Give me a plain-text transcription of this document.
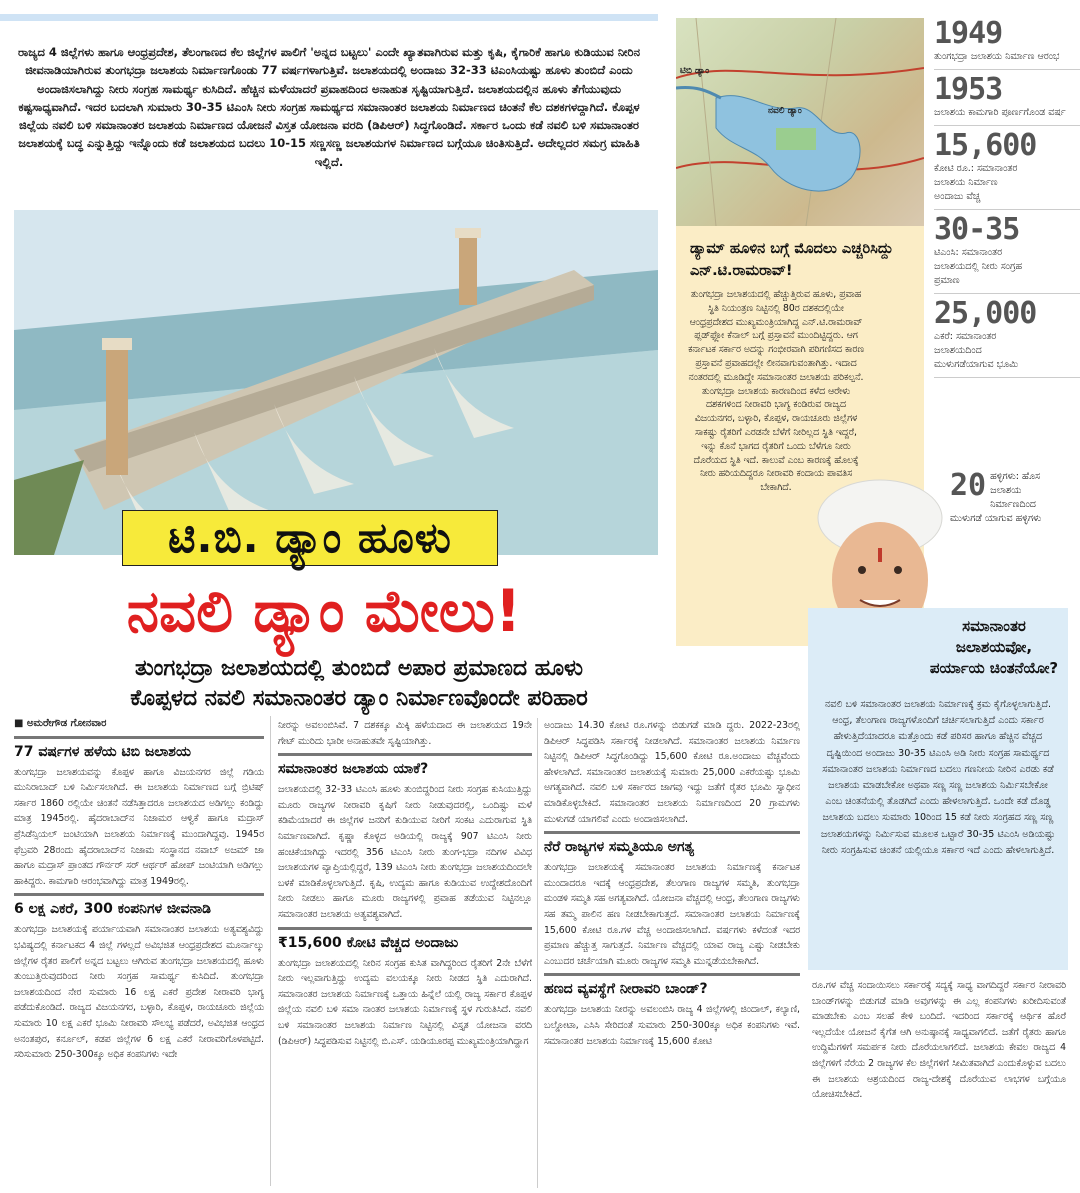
ರಾಜ್ಯದ 4 ಜಿಲ್ಲೆಗಳು ಹಾಗೂ ಆಂಧ್ರಪ್ರದೇಶ, ತೆಲಂಗಾಣದ ಕೆಲ ಜಿಲ್ಲೆಗಳ ಪಾಲಿಗೆ 'ಅನ್ನದ ಬಟ್ಟಲು' ಎಂದೇ ಖ್ಯಾತವಾಗಿರುವ ಮತ್ತು ಕೃಷಿ, ಕೈಗಾರಿಕೆ ಹಾಗೂ ಕುಡಿಯುವ ನೀರಿನ ಜೀವನಾಡಿಯಾಗಿರುವ ತುಂಗಭದ್ರಾ ಜಲಾಶಯ ನಿರ್ಮಾಣಗೊಂಡು 77 ವರ್ಷಗಳಾಗುತ್ತಿವೆ. ಜಲಾಶಯದಲ್ಲಿ ಅಂದಾಜು 32-33 ಟಿಎಂಸಿಯಷ್ಟು ಹೂಳು ತುಂಬಿದೆ ಎಂದು ಅಂದಾಜಿಸಲಾಗಿದ್ದು ನೀರು ಸಂಗ್ರಹ ಸಾಮರ್ಥ್ಯ ಕುಸಿದಿದೆ. ಹೆಚ್ಚಿನ ಮಳೆಯಾದರೆ ಪ್ರವಾಹದಿಂದ ಅನಾಹುತ ಸೃಷ್ಟಿಯಾಗುತ್ತಿದೆ. ಜಲಾಶಯದಲ್ಲಿನ ಹೂಳು ತೆಗೆಯುವುದು ಕಷ್ಟಸಾಧ್ಯವಾಗಿದೆ. ಇದರ ಬದಲಾಗಿ ಸುಮಾರು 30-35 ಟಿಎಂಸಿ ನೀರು ಸಂಗ್ರಹ ಸಾಮರ್ಥ್ಯದ ಸಮಾನಾಂತರ ಜಲಾಶಯ ನಿರ್ಮಾಣದ ಚಿಂತನೆ ಕೆಲ ದಶಕಗಳದ್ದಾಗಿದೆ. ಕೊಪ್ಪಳ ಜಿಲ್ಲೆಯ ನವಲಿ ಬಳಿ ಸಮಾನಾಂತರ ಜಲಾಶಯ ನಿರ್ಮಾಣದ ಯೋಜನೆ ವಿಸ್ತತ ಯೋಜನಾ ವರದಿ (ಡಿಪಿಆರ್) ಸಿದ್ಧಗೊಂಡಿದೆ. ಸರ್ಕಾರ ಒಂದು ಕಡೆ ನವಲಿ ಬಳಿ ಸಮಾನಾಂತರ ಜಲಾಶಯಕ್ಕೆ ಬದ್ಧ ಎನ್ನುತ್ತಿದ್ದು ಇನ್ನೊಂದು ಕಡೆ ಜಲಾಶಯದ ಬದಲು 10-15 ಸಣ್ಣಸಣ್ಣ ಜಲಾಶಯಗಳ ನಿರ್ಮಾಣದ ಬಗ್ಗೆಯೂ ಚಿಂತಿಸುತ್ತಿದೆ. ಅದೇಲ್ಲದರ ಸಮಗ್ರ ಮಾಹಿತಿ ಇಲ್ಲಿದೆ.

ಟಿ.ಬಿ. ಡ್ಯಾಂ ಹೂಳು
ನವಲಿ ಡ್ಯಾಂ ಮೇಲು!
ತುಂಗಭದ್ರಾ ಜಲಾಶಯದಲ್ಲಿ ತುಂಬಿದೆ ಅಪಾರ ಪ್ರಮಾಣದ ಹೂಳು
ಕೊಪ್ಪಳದ ನವಲಿ ಸಮಾನಾಂತರ ಡ್ಯಾಂ ನಿರ್ಮಾಣವೊಂದೇ ಪರಿಹಾರ
ಟಿಬಿ ಡ್ಯಾಂ
ನವಲಿ ಡ್ಯಾಂ
ಡ್ಯಾಮ್ ಹೂಳಿನ ಬಗ್ಗೆ ಮೊದಲು ಎಚ್ಚರಿಸಿದ್ದು ಎನ್.ಟಿ.ರಾಮರಾವ್!

ತುಂಗಭದ್ರಾ ಜಲಾಶಯದಲ್ಲಿ ಹೆಚ್ಚುತ್ತಿರುವ ಹೂಳು, ಪ್ರವಾಹ ಸ್ಥಿತಿ ನಿಯಂತ್ರಣ ನಿಟ್ಟಿನಲ್ಲಿ 80ರ ದಶಕದಲ್ಲಿಯೇ ಆಂಧ್ರಪ್ರದೇಶದ ಮುಖ್ಯಮಂತ್ರಿಯಾಗಿದ್ದ ಎನ್.ಟಿ.ರಾಮರಾವ್ ಪ್ಲಡ್‌ಫ್ಲೋ ಕೆನಾಲ್ ಬಗ್ಗೆ ಪ್ರಸ್ತಾವನೆ ಮುಂದಿಟ್ಟಿದ್ದರು. ಆಗ ಕರ್ನಾಟಕ ಸರ್ಕಾರ ಅದನ್ನು ಗಂಭೀರವಾಗಿ ಪರಿಗಣಿಸದ ಕಾರಣ ಪ್ರಸ್ತಾವನೆ ಪ್ರವಾಹದಲ್ಲೇ ಲೀನವಾಗುವಂತಾಗಿತ್ತು. ಇದಾದ ನಂತರದಲ್ಲಿ ಮೂಡಿದ್ದೇ ಸಮಾನಾಂತರ ಜಲಾಶಯ ಪರಿಕಲ್ಪನೆ. ತುಂಗಭದ್ರಾ ಜಲಾಶಯ ಕಾರಣದಿಂದ ಕಳೆದ ಆರೇಳು ದಶಕಗಳಿಂದ ನೀರಾವರಿ ಭಾಗ್ಯ ಕಂಡಿರುವ ರಾಜ್ಯದ ವಿಜಯನಗರ, ಬಳ್ಳಾರಿ, ಕೊಪ್ಪಳ, ರಾಯಚೂರು ಜಿಲ್ಲೆಗಳ ಸಾಕಷ್ಟು ರೈತರಿಗೆ ಎರಡನೇ ಬೆಳೆಗೆ ನೀರಿಲ್ಲದ ಸ್ಥಿತಿ ಇದ್ದರೆ, ಇನ್ನು ಕೊನೆ ಭಾಗದ ರೈತರಿಗೆ ಒಂದು ಬೆಳೆಗೂ ನೀರು ದೊರೆಯದ ಸ್ಥಿತಿ ಇದೆ. ಕಾಲುವೆ ಎಂಬ ಕಾರಣಕ್ಕೆ ಹೊಲಕ್ಕೆ ನೀರು ಹರಿಯದಿದ್ದರೂ ನೀರಾವರಿ ಕಂದಾಯ ಪಾವತಿಸ ಬೇಕಾಗಿದೆ.

1949
ತುಂಗಭದ್ರಾ ಜಲಾಶಯ ನಿರ್ಮಾಣ ಆರಂಭ
1953
ಜಲಾಶಯ ಕಾಮಗಾರಿ ಪೂರ್ಣಗೊಂಡ ವರ್ಷ
15,600
ಕೋಟಿ ರೂ.: ಸಮಾನಾಂತರ ಜಲಾಶಯ ನಿರ್ಮಾಣ ಅಂದಾಜು ವೆಚ್ಚ
30-35
ಟಿಎಂಸಿ: ಸಮಾನಾಂತರ ಜಲಾಶಯದಲ್ಲಿ ನೀರು ಸಂಗ್ರಹ ಪ್ರಮಾಣ
25,000
ಎಕರೆ: ಸಮಾನಾಂತರ ಜಲಾಶಯದಿಂದ ಮುಳುಗಡೆಯಾಗುವ ಭೂಮಿ
20 ಹಳ್ಳಿಗಳು: ಹೊಸ ಜಲಾಶಯ ನಿರ್ಮಾಣದಿಂದ ಮುಳುಗಡೆ ಯಾಗುವ ಹಳ್ಳಿಗಳು
ಸಮಾನಾಂತರ ಜಲಾಶಯವೋ, ಪರ್ಯಾಯ ಚಿಂತನೆಯೋ?

ನವಲಿ ಬಳಿ ಸಮಾನಾಂತರ ಜಲಾಶಯ ನಿರ್ಮಾಣಕ್ಕೆ ಕ್ರಮ ಕೈಗೊಳ್ಳಲಾಗುತ್ತಿದೆ. ಆಂಧ್ರ, ತೆಲಂಗಾಣ ರಾಜ್ಯಗಳೊಂದಿಗೆ ಚರ್ಚಿಸಲಾಗುತ್ತಿದೆ ಎಂದು ಸರ್ಕಾರ ಹೇಳುತ್ತಿದೆಯಾದರೂ ಮತ್ತೊಂದು ಕಡೆ ಪರಿಸರ ಹಾಗೂ ಹೆಚ್ಚಿನ ವೆಚ್ಚದ ದೃಷ್ಟಿಯಿಂದ ಅಂದಾಜು 30-35 ಟಿಎಂಸಿ ಅಡಿ ನೀರು ಸಂಗ್ರಹ ಸಾಮರ್ಥ್ಯದ ಸಮಾನಾಂತರ ಜಲಾಶಯ ನಿರ್ಮಾಣದ ಬದಲು ಗಣನೀಯ ನೀರಿನ ಎರಡು ಕಡೆ ಜಲಾಶಯ ಮಾಡಬೇಕೋ ಅಥವಾ ಸಣ್ಣ ಸಣ್ಣ ಜಲಾಶಯ ನಿರ್ಮಿಸಬೇಕೋ ಎಂಬ ಚಿಂತನೆಯಲ್ಲಿ ತೊಡಗಿದೆ ಎಂದು ಹೇಳಲಾಗುತ್ತಿದೆ. ಒಂದೇ ಕಡೆ ದೊಡ್ಡ ಜಲಾಶಯ ಬದಲು ಸುಮಾರು 10ರಿಂದ 15 ಕಡೆ ನೀರು ಸಂಗ್ರಹದ ಸಣ್ಣ ಸಣ್ಣ ಜಲಾಶಯಗಳನ್ನು ನಿರ್ಮಿಸುವ ಮೂಲಕ ಒಟ್ಟಾರೆ 30-35 ಟಿಎಂಸಿ ಅಡಿಯಷ್ಟು ನೀರು ಸಂಗ್ರಹಿಸುವ ಚಿಂತನೆ ಯಲ್ಲಿಯೂ ಸರ್ಕಾರ ಇದೆ ಎಂದು ಹೇಳಲಾಗುತ್ತಿದೆ.

■ ಅಮರೇಗೌಡ ಗೋನವಾರ
77 ವರ್ಷಗಳ ಹಳೆಯ ಟಿಬಿ ಜಲಾಶಯ

ತುಂಗಭದ್ರಾ ಜಲಾಶಯವನ್ನು ಕೊಪ್ಪಳ ಹಾಗೂ ವಿಜಯನಗರ ಜಿಲ್ಲೆ ಗಡಿಯ ಮುನಿರಾಬಾದ್ ಬಳಿ ನಿರ್ಮಿಸಲಾಗಿದೆ. ಈ ಜಲಾಶಯ ನಿರ್ಮಾಣದ ಬಗ್ಗೆ ಬ್ರಿಟಿಷ್ ಸರ್ಕಾರ 1860 ರಲ್ಲಿಯೇ ಚಿಂತನೆ ನಡೆಸಿತ್ತಾದರೂ ಜಲಾಶಯದ ಅಡಿಗಲ್ಲು ಕಂಡಿದ್ದು ಮಾತ್ರ 1945ರಲ್ಲಿ. ಹೈದರಾಬಾದ್‌ನ ನಿಜಾಮರ ಆಳ್ವಿಕೆ ಹಾಗೂ ಮದ್ರಾಸ್ ಪ್ರೆಸಿಡೆನ್ಸಿಯಲ್ ಜಂಟಿಯಾಗಿ ಜಲಾಶಯ ನಿರ್ಮಾಣಕ್ಕೆ ಮುಂದಾಗಿದ್ದವು. 1945ರ ಫೆಬ್ರವರಿ 28ರಂದು ಹೈದರಾಬಾದ್‌ನ ನಿಜಾಮ ಸಂಸ್ಥಾನದ ನವಾಬ್ ಅಜಮ್ ಜಾ ಹಾಗೂ ಮದ್ರಾಸ್ ಪ್ರಾಂತದ ಗೌರ್ನರ್ ಸರ್ ಆರ್ಥರ್ ಹೋಪ್ ಜಂಟಿಯಾಗಿ ಅಡಿಗಲ್ಲು ಹಾಕಿದ್ದರು. ಕಾಮಗಾರಿ ಆರಂಭವಾಗಿದ್ದು ಮಾತ್ರ 1949ರಲ್ಲಿ.

6 ಲಕ್ಷ ಎಕರೆ, 300 ಕಂಪನಿಗಳ ಜೀವನಾಡಿ

ತುಂಗಭದ್ರಾ ಜಲಾಶಯಕ್ಕೆ ಪರ್ಯಾಯವಾಗಿ ಸಮಾನಾಂತರ ಜಲಾಶಯ ಅತ್ಯವಶ್ಯವಿದ್ದು ಭವಿಷ್ಯದಲ್ಲಿ ಕರ್ನಾಟಕದ 4 ಜಿಲ್ಲೆ ಗಳಲ್ಲದೆ ಅವಿಭಜಿತ ಆಂಧ್ರಪ್ರದೇಶದ ಮೂರ್ನಾಲ್ಕು ಜಿಲ್ಲೆಗಳ ರೈತರ ಪಾಲಿಗೆ ಅನ್ನದ ಬಟ್ಟಲು ಆಗಿರುವ ತುಂಗಭದ್ರಾ ಜಲಾಶಯದಲ್ಲಿ ಹೂಳು ತುಂಬುತ್ತಿರುವುದರಿಂದ ನೀರು ಸಂಗ್ರಹ ಸಾಮರ್ಥ್ಯ ಕುಸಿದಿದೆ. ತುಂಗಭದ್ರಾ ಜಲಾಶಯದಿಂದ ನೇರ ಸುಮಾರು 16 ಲಕ್ಷ ಎಕರೆ ಪ್ರದೇಶ ನೀರಾವರಿ ಭಾಗ್ಯ ಪಡೆದುಕೊಂಡಿದೆ. ರಾಜ್ಯದ ವಿಜಯನಗರ, ಬಳ್ಳಾರಿ, ಕೊಪ್ಪಳ, ರಾಯಚೂರು ಜಿಲ್ಲೆಯ ಸುಮಾರು 10 ಲಕ್ಷ ಎಕರೆ ಭೂಮಿ ನೀರಾವರಿ ಸೌಲಭ್ಯ ಪಡೆದರೆ, ಅವಿಭಜಿತ ಆಂಧ್ರದ ಅನಂತಪುರ, ಕರ್ನೂಲ್, ಕಡಪ ಜಿಲ್ಲೆಗಳ 6 ಲಕ್ಷ ಎಕರೆ ನೀರಾವರಿಗೊಳಪಟ್ಟಿದೆ. ಸರಿಸುಮಾರು 250-300ಕ್ಕೂ ಅಧಿಕ ಕಂಪನಿಗಳು ಇದೇ

ನೀರನ್ನು ಅವಲಂಬಿಸಿವೆ. 7 ದಶಕಕ್ಕೂ ಮಿಕ್ಕಿ ಹಳೆಯದಾದ ಈ ಜಲಾಶಯದ 19ನೇ ಗೇಟ್ ಮುರಿದು ಭಾರೀ ಅನಾಹುತವೇ ಸೃಷ್ಟಿಯಾಗಿತ್ತು.

ಸಮಾನಾಂತರ ಜಲಾಶಯ ಯಾಕೆ?

ಜಲಾಶಯದಲ್ಲಿ 32-33 ಟಿಎಂಸಿ ಹೂಳು ತುಂಬಿದ್ದರಿಂದ ನೀರು ಸಂಗ್ರಹ ಕುಸಿಯುತ್ತಿದ್ದು ಮೂರು ರಾಜ್ಯಗಳ ನೀರಾವರಿ ಕೃಷಿಗೆ ನೀರು ನೀಡುವುದರಲ್ಲಿ, ಒಂದಿಷ್ಟು ಮಳೆ ಕಡಿಮೆಯಾದರೆ ಈ ಜಿಲ್ಲೆಗಳ ಜನರಿಗೆ ಕುಡಿಯುವ ನೀರಿಗೆ ಸಂಕಟ ಎದುರಾಗುವ ಸ್ಥಿತಿ ನಿರ್ಮಾಣವಾಗಿದೆ. ಕೃಷ್ಣಾ ಕೊಳ್ಳದ ಅಡಿಯಲ್ಲಿ ರಾಜ್ಯಕ್ಕೆ 907 ಟಿಎಂಸಿ ನೀರು ಹಂಚಿಕೆಯಾಗಿದ್ದು ಇದರಲ್ಲಿ 356 ಟಿಎಂಸಿ ನೀರು ತುಂಗ-ಭದ್ರಾ ನದಿಗಳ ವಿವಿಧ ಜಲಾಶಯಗಳ ವ್ಯಾಪ್ತಿಯಲ್ಲಿದ್ದರೆ, 139 ಟಿಎಂಸಿ ನೀರು ತುಂಗಭದ್ರಾ ಜಲಾಶಯದಿಂದಲೇ ಬಳಕೆ ಮಾಡಿಕೊಳ್ಳಲಾಗುತ್ತಿದೆ. ಕೃಷಿ, ಉದ್ಯಮ ಹಾಗೂ ಕುಡಿಯುವ ಉದ್ದೇಶದೊಂದಿಗೆ ನೀರು ನೀಡಲು ಹಾಗೂ ಮೂರು ರಾಜ್ಯಗಳಲ್ಲಿ ಪ್ರವಾಹ ತಡೆಯುವ ನಿಟ್ಟಿನಲ್ಲೂ ಸಮಾನಾಂತರ ಜಲಾಶಯ ಅತ್ಯವಶ್ಯವಾಗಿದೆ.

₹15,600 ಕೋಟಿ ವೆಚ್ಚದ ಅಂದಾಜು

ತುಂಗಭದ್ರಾ ಜಲಾಶಯದಲ್ಲಿ ನೀರಿನ ಸಂಗ್ರಹ ಕುಸಿತ ವಾಗಿದ್ದರಿಂದ ರೈತರಿಗೆ 2ನೇ ಬೆಳೆಗೆ ನೀರು ಇಲ್ಲವಾಗುತ್ತಿದ್ದು ಉದ್ಯಮ ವಲಯಕ್ಕೂ ನೀರು ನೀಡದ ಸ್ಥಿತಿ ಎದುರಾಗಿದೆ. ಸಮಾನಾಂತರ ಜಲಾಶಯ ನಿರ್ಮಾಣಕ್ಕೆ ಒತ್ತಾಯ ಹಿನ್ನೆಲೆ ಯಲ್ಲಿ ರಾಜ್ಯ ಸರ್ಕಾರ ಕೊಪ್ಪಳ ಜಿಲ್ಲೆಯ ನವಲಿ ಬಳಿ ಸಮಾ ನಾಂತರ ಜಲಾಶಯ ನಿರ್ಮಾಣಕ್ಕೆ ಸ್ಥಳ ಗುರುತಿಸಿದೆ. ನವಲಿ ಬಳಿ ಸಮಾನಾಂತರ ಜಲಾಶಯ ನಿರ್ಮಾಣ ನಿಟ್ಟಿನಲ್ಲಿ ವಿಸ್ತೃತ ಯೋಜನಾ ವರದಿ (ಡಿಪಿಆರ್) ಸಿದ್ಧಪಡಿಸುವ ನಿಟ್ಟಿನಲ್ಲಿ ಬಿ.ಎಸ್. ಯಡಿಯೂರಪ್ಪ ಮುಖ್ಯಮಂತ್ರಿಯಾಗಿದ್ದಾಗ

ಅಂದಾಜು 14.30 ಕೋಟಿ ರೂ.ಗಳನ್ನು ಬಿಡುಗಡೆ ಮಾಡಿ ದ್ದರು. 2022-23ರಲ್ಲಿ ಡಿಪಿಆರ್ ಸಿದ್ಧಪಡಿಸಿ ಸರ್ಕಾರಕ್ಕೆ ನೀಡಲಾಗಿದೆ. ಸಮಾನಾಂತರ ಜಲಾಶಯ ನಿರ್ಮಾಣ ನಿಟ್ಟಿನಲ್ಲಿ ಡಿಪಿಆರ್ ಸಿದ್ಧಗೊಂಡಿದ್ದು 15,600 ಕೋಟಿ ರೂ.ಅಂದಾಜು ವೆಚ್ಚವೆಂದು ಹೇಳಲಾಗಿದೆ. ಸಮಾನಾಂತರ ಜಲಾಶಯಕ್ಕೆ ಸುಮಾರು 25,000 ಎಕರೆಯಷ್ಟು ಭೂಮಿ ಅಗತ್ಯವಾಗಿದೆ. ನವಲಿ ಬಳಿ ಸರ್ಕಾರದ ಜಾಗವು ಇದ್ದು ಜತೆಗೆ ರೈತರ ಭೂಮಿ ಸ್ವಾಧೀನ ಮಾಡಿಕೊಳ್ಳಬೇಕಿದೆ. ಸಮಾನಾಂತರ ಜಲಾಶಯ ನಿರ್ಮಾಣದಿಂದ 20 ಗ್ರಾಮಗಳು ಮುಳುಗಡೆ ಯಾಗಲಿವೆ ಎಂದು ಅಂದಾಜಿಸಲಾಗಿದೆ.

ನೆರೆ ರಾಜ್ಯಗಳ ಸಮ್ಮತಿಯೂ ಅಗತ್ಯ

ತುಂಗಭದ್ರಾ ಜಲಾಶಯಕ್ಕೆ ಸಮಾನಾಂತರ ಜಲಾಶಯ ನಿರ್ಮಾಣಕ್ಕೆ ಕರ್ನಾಟಕ ಮುಂದಾದರೂ ಇದಕ್ಕೆ ಆಂಧ್ರಪ್ರದೇಶ, ತೆಲಂಗಾಣ ರಾಜ್ಯಗಳ ಸಮ್ಮತಿ, ತುಂಗಭದ್ರಾ ಮಂಡಳಿ ಸಮ್ಮತಿ ಸಹ ಅಗತ್ಯವಾಗಿದೆ. ಯೋಜನಾ ವೆಚ್ಚದಲ್ಲಿ ಆಂಧ್ರ, ತೆಲಂಗಾಣ ರಾಜ್ಯಗಳು ಸಹ ತಮ್ಮ ಪಾಲಿನ ಹಣ ನೀಡಬೇಕಾಗುತ್ತದೆ. ಸಮಾನಾಂತರ ಜಲಾಶಯ ನಿರ್ಮಾಣಕ್ಕೆ 15,600 ಕೋಟಿ ರೂ.ಗಳ ವೆಚ್ಚ ಅಂದಾಜಿಸಲಾಗಿದೆ. ವರ್ಷಗಳು ಕಳೆದಂತೆ ಇದರ ಪ್ರಮಾಣ ಹೆಚ್ಚುತ್ತ ಸಾಗುತ್ತದೆ. ನಿರ್ಮಾಣ ವೆಚ್ಚದಲ್ಲಿ ಯಾವ ರಾಜ್ಯ ಎಷ್ಟು ನೀಡಬೇಕು ಎಂಬುದರ ಚರ್ಚೆಯಾಗಿ ಮೂರು ರಾಜ್ಯಗಳ ಸಮ್ಮತಿ ಮುನ್ನಡೆಯಬೇಕಾಗಿದೆ.

ಹಣದ ವ್ಯವಸ್ಥೆಗೆ ನೀರಾವರಿ ಬಾಂಡ್?

ತುಂಗಭದ್ರಾ ಜಲಾಶಯ ನೀರನ್ನು ಅವಲಂಬಿಸಿ ರಾಜ್ಯ 4 ಜಿಲ್ಲೆಗಳಲ್ಲಿ ಜಿಂದಾಲ್, ಕಲ್ಯಾಣಿ, ಬಲ್ಡೋಟಾ, ಎಸಿಸಿ ಸೇರಿದಂತೆ ಸುಮಾರು 250-300ಕ್ಕೂ ಅಧಿಕ ಕಂಪನಿಗಳು ಇವೆ. ಸಮಾನಾಂತರ ಜಲಾಶಯ ನಿರ್ಮಾಣಕ್ಕೆ 15,600 ಕೋಟಿ

ರೂ.ಗಳ ವೆಚ್ಚ ಸಂದಾಯಿಸಲು ಸರ್ಕಾರಕ್ಕೆ ಸದ್ಯಕ್ಕೆ ಸಾಧ್ಯ ವಾಗದಿದ್ದರೆ ಸರ್ಕಾರ ನೀರಾವರಿ ಬಾಂಡ್‌ಗಳನ್ನು ಬಿಡುಗಡೆ ಮಾಡಿ ಅವುಗಳನ್ನು ಈ ಎಲ್ಲ ಕಂಪನಿಗಳು ಖರೀದಿಸುವಂತೆ ಮಾಡಬೇಕು ಎಂಬ ಸಲಹೆ ಕೇಳಿ ಬಂದಿದೆ. ಇದರಿಂದ ಸರ್ಕಾರಕ್ಕೆ ಆರ್ಥಿಕ ಹೊರೆ ಇಲ್ಲದೆಯೇ ಯೋಜನೆ ಕೈಗೆತ ಆಗಿ ಅನುಷ್ಠಾನಕ್ಕೆ ಸಾಧ್ಯವಾಗಲಿದೆ. ಜತೆಗೆ ರೈತರು ಹಾಗೂ ಉದ್ದಿಮೆಗಳಿಗೆ ಸಮರ್ಪಕ ನೀರು ದೊರೆಯಲಾಗಲಿದೆ. ಜಲಾಶಯ ಕೇವಲ ರಾಜ್ಯದ 4 ಜಿಲ್ಲೆಗಳಿಗೆ ನೆರೆಯ 2 ರಾಜ್ಯಗಳ ಕೆಲ ಜಿಲ್ಲೆಗಳಿಗೆ ಸೀಮಿತವಾಗಿದೆ ಎಂದುಕೊಳ್ಳುವ ಬದಲು ಈ ಜಲಾಶಯ ಆಶ್ರಯದಿಂದ ರಾಜ್ಯ-ದೇಶಕ್ಕೆ ದೊರೆಯುವ ಲಾಭಗಳ ಬಗ್ಗೆಯೂ ಯೋಚಿಸಬೇಕಿದೆ.
